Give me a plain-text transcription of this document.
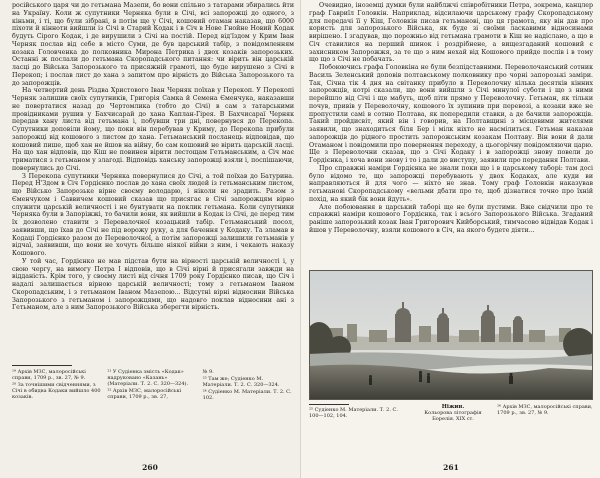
російського царя чи до гетьмана Мазепи, бо вони спільно з татарами збирались йти на Україну. Коли ж супутники Черняка були в Січі, всі запорожці до одного, з кіньми, і ті, що були зібрані, в потім ще у Січі, кошовий отаман наказав, що 6000 піхоти й кінноти вийшли із Січі в Старий Кодак і в Січ в Нове Гнойне Новий Кодак будуть Сірого Кодак, і де вирушили з Січі на постій. Перед від'їздом у Крим Іван Черняк послав від себе в місто Суми, де був царський табір, з повідомленням козака Головченка до полковника Мирона Петрика і двох козаків запорозьких. Останні ж послали до гетьмана Скоропадського питання: чи вірить він царській ласці до Війська Запорозького та присяжній грамоті, що буде вирушено з Січі в Перекоп; і послав лист до хана з запитом про вірність до Війська Запорозького та до запорожців.

На четвертий день Різдва Христового Іван Черняк поїхав у Перекоп. У Перекопі Черняк залишив своїх супутників, Григорія Самка й Семена Єменчука, наказавши не повертатися назад до Чертомлика (тобто до Січі) в сам з татарськими провідниками рушив у Бахчисарай до хана Каплан-Гірея. В Бахчисараї Черняк передав хану листа від гетьмана і, побувши три дні, повернувся до Перекопа. Супутники доповіли йому, що поки він перебував у Криму, до Перекопа прибули запорожці від кошового з листом до хана. Гетьманський посланець відповідав, що кошовий пише, щоб хан не йшов на війну, бо сам кошовий не вірить царській ласці. На що хан відповів, що Кіш не повинен вірити лестощам Гетьманським, а Січ має триматися з гетьманом у злагоді. Відповідь ханську запорожці взяли і, поспішаючи, повернулись до Січі.

З Перекопа супутники Черняка повернулися до Січі, а той поїхав до Батурина. Перед Н'Здом в Січ Гордієнко послав до хана своїх людей із гетьманським листом, що Військо Запорозьке вірне своєму володарю, і ніколи не зрадить. Разом з Єменчуком і Саввичем кошовий сказав що присягає в Січі запорожцям вірно служити царській величності і не бунтувати на поклик гетьмана. Коли супутники Черняка були в Запоріжжі, то бачили вони, як вийшли в Кодак із Січі, де перед тим їх дозволено ставити з Перевалочної козацький табір. Гетьманський посол, заявивши, що їхав до Січі не під ворожу руку, а для бачення у Кодаку. Та зламав в Кодаці Гордієнко разом до Переволочної, а потім запорожці залишили гетьманів у відчаї, заявивши, що вони не хочуть більше ніякої війни з ним, і чекають наказу Кошового.

У той час, Гордієнко не мав підстав бути на вірності царській величності і, у свою чергу, на вимогу Петра I відповів, що в Січі вірні й присягали завжди на відданість. Крім того, у своєму листі від січня 1709 року Гордієнко писав, що Січ і надалі залишається вірною царській величності; тому з гетьманом Іваном Скоропадським, і з гетьманом Іваном Мазепою... Відсутні вірні відносини Війська Запорозького з гетьманом і запорожцями, що надовго поклав відносини ані з Гетьманом, але з ним Запорозького Війська зберегти вірність.

¹⁹ Архів МЗС, малоросійські справи, 1709 р., зв. 27, № 9.
²⁰ За точнішими свідченнями, з Січі в обидва Кодаки вийшло 400 козаків.
²¹ У Судіенка змість «Кодак» надруковано «Казань» (Матеріали. Т. 2. С. 320—324).
²² Архів МЗС, малоросійські справи, 1709 р., зв. 27,
№ 9.
²³ Там же; Судіенко М. Матеріали. Т. 2. С. 320—324.
²⁴ Судіенко М. Матеріали. Т. 2. С. 102.
260

Очевидно, іноземці думки були найблжчі співробітники Петра, зокрема, канцлер граф Гавриїл Головкін. Наприклад, відсилаючи царському графу Скоропадському для передачі її у Кіш, Головкін писав гетьманові, що ця грамота, яку він дав про користь для запорозького Війська, як буде зі своїми ласкавими відносинами вирішено. І згадував, що порожньо від гетьмана грамоти в Кіш не надіслано, а що в Січ ставилися на перший шинок і роздрібнене, а вищезгаданий кошовий є захисником Запорожжя, за те що з ним нехай від Кошового прийде послів і в тому що що з Січі не побачать.

Побоюючись графа Головкіна не були безпідставними. Переволочанський сотник Василь Зеленський доповів полтавському полковнику про чорні запорозькі заміри. Так, Січна тік 4 дня на світанку прибуло в Переволочну кілька десятків кінних запорожців, котрі сказали, що вони вийшли з Січі минулої суботи і що з ними перейшло від Січі і ще мабуть, щоб піти прямо у Переволочну. Гетьман, як тільки почув, привів у Переволочну, кошового їх зупинив при перевозі, а козаки вже не пропустили самі в сотню Полтава, як попередили ставки, а де бачили запорожців. Такий пройдисвіт, який він і говорив, на Полтавщині з місцевими жителями заявили, що знаходиться біля Бер і мілк ніхто не насмілиться. Гетьман наказав запорожців до рідного простить запорожським козакам Полтаву. Він вони й дали Отаманом і повідомили про повернення переходу, а цьогорічну повідомляючи царю. Ще з Переволочни сказав, що з Січі Кодаку і в запорожці знову повели до Гордієнка, і хоча вони знову і то і дали до виступу, заявили про передання Полтави.

Про справжні наміри Гордієнка не знали поки що і в царському таборі: там досі було відомо те, що запорожці перебувають у двох Кодаках, але куди ви направляються й для чого — ніхто не знав. Тому граф Головкін наказував гетьманові Скоропадському «вельми дбати про те, щоб дізнатися точно про їхній похід, на який бік вони йдуть».

Але побоювання в царський таборі ще не були пустими. Вже свідчили про те справжні наміри кошового Гордієнка, так і всього Запорозького Війська. Згаданий раніше запорозький козак Іван Григорович Кийборський, тимчасово відвідав Кодак і йшов у Переволочну, взяли кошового в Січ, на якого будете діяти...

²⁵ Судіенко М. Матеріали. Т. 2. С. 100—102, 104.
Ніжин.
Кольорова літографія Борелія. XIX ст.
²⁶ Архів МЗС, малоросійські справи, 1709 р., зв. 27, № 9.
261
